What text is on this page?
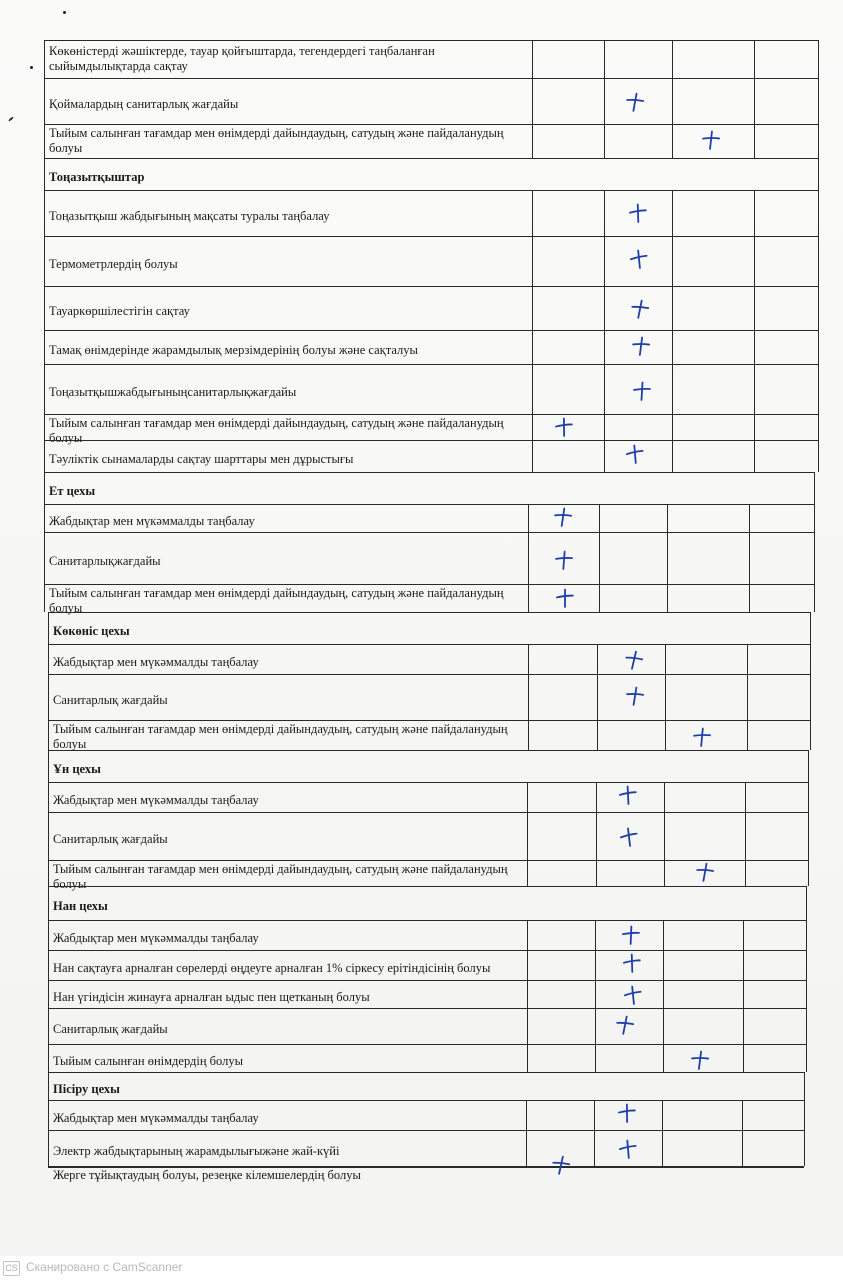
Көкөністерді жәшіктерде, тауар қойғыштарда, тегендердегі таңбаланған
сыйымдылықтарда сақтау
Қоймалардың санитарлық жағдайы
Тыйым салынған тағамдар мен өнімдерді дайындаудың, сатудың және пайдаланудың
болуы
Тоңазытқыштар
Тоңазытқыш жабдығының мақсаты туралы таңбалау
Термометрлердің болуы
Тауаркөршілестігін сақтау
Тамақ өнімдерінде жарамдылық мерзімдерінің болуы және сақталуы
Тоңазытқышжабдығыныңсанитарлықжағдайы
Тыйым салынған тағамдар мен өнімдерді дайындаудың, сатудың және пайдаланудың
болуы
Тәуліктік сынамаларды сақтау шарттары мен дұрыстығы
Ет цехы
Жабдықтар мен мүкәммалды таңбалау
Санитарлықжағдайы
Тыйым салынған тағамдар мен өнімдерді дайындаудың, сатудың және пайдаланудың
болуы
Көкөніс цехы
Жабдықтар мен мүкәммалды таңбалау
Санитарлық жағдайы
Тыйым салынған тағамдар мен өнімдерді дайындаудың, сатудың және пайдаланудың
болуы
Ұн цехы
Жабдықтар мен мүкәммалды таңбалау
Санитарлық жағдайы
Тыйым салынған тағамдар мен өнімдерді дайындаудың, сатудың және пайдаланудың
болуы
Нан цехы
Жабдықтар мен мүкәммалды таңбалау
Нан сақтауға арналған сөрелерді өңдеуге арналған 1% сіркесу ерітіндісінің болуы
Нан үгіндісін жинауға арналған ыдыс пен щетканың болуы
Санитарлық жағдайы
Тыйым салынған өнімдердің болуы
Пісіру цехы
Жабдықтар мен мүкәммалды таңбалау
Электр жабдықтарының жарамдылығыжәне жай-күйі
Жерге тұйықтаудың болуы, резеңке кілемшелердің болуы
CS Сканировано с CamScanner
